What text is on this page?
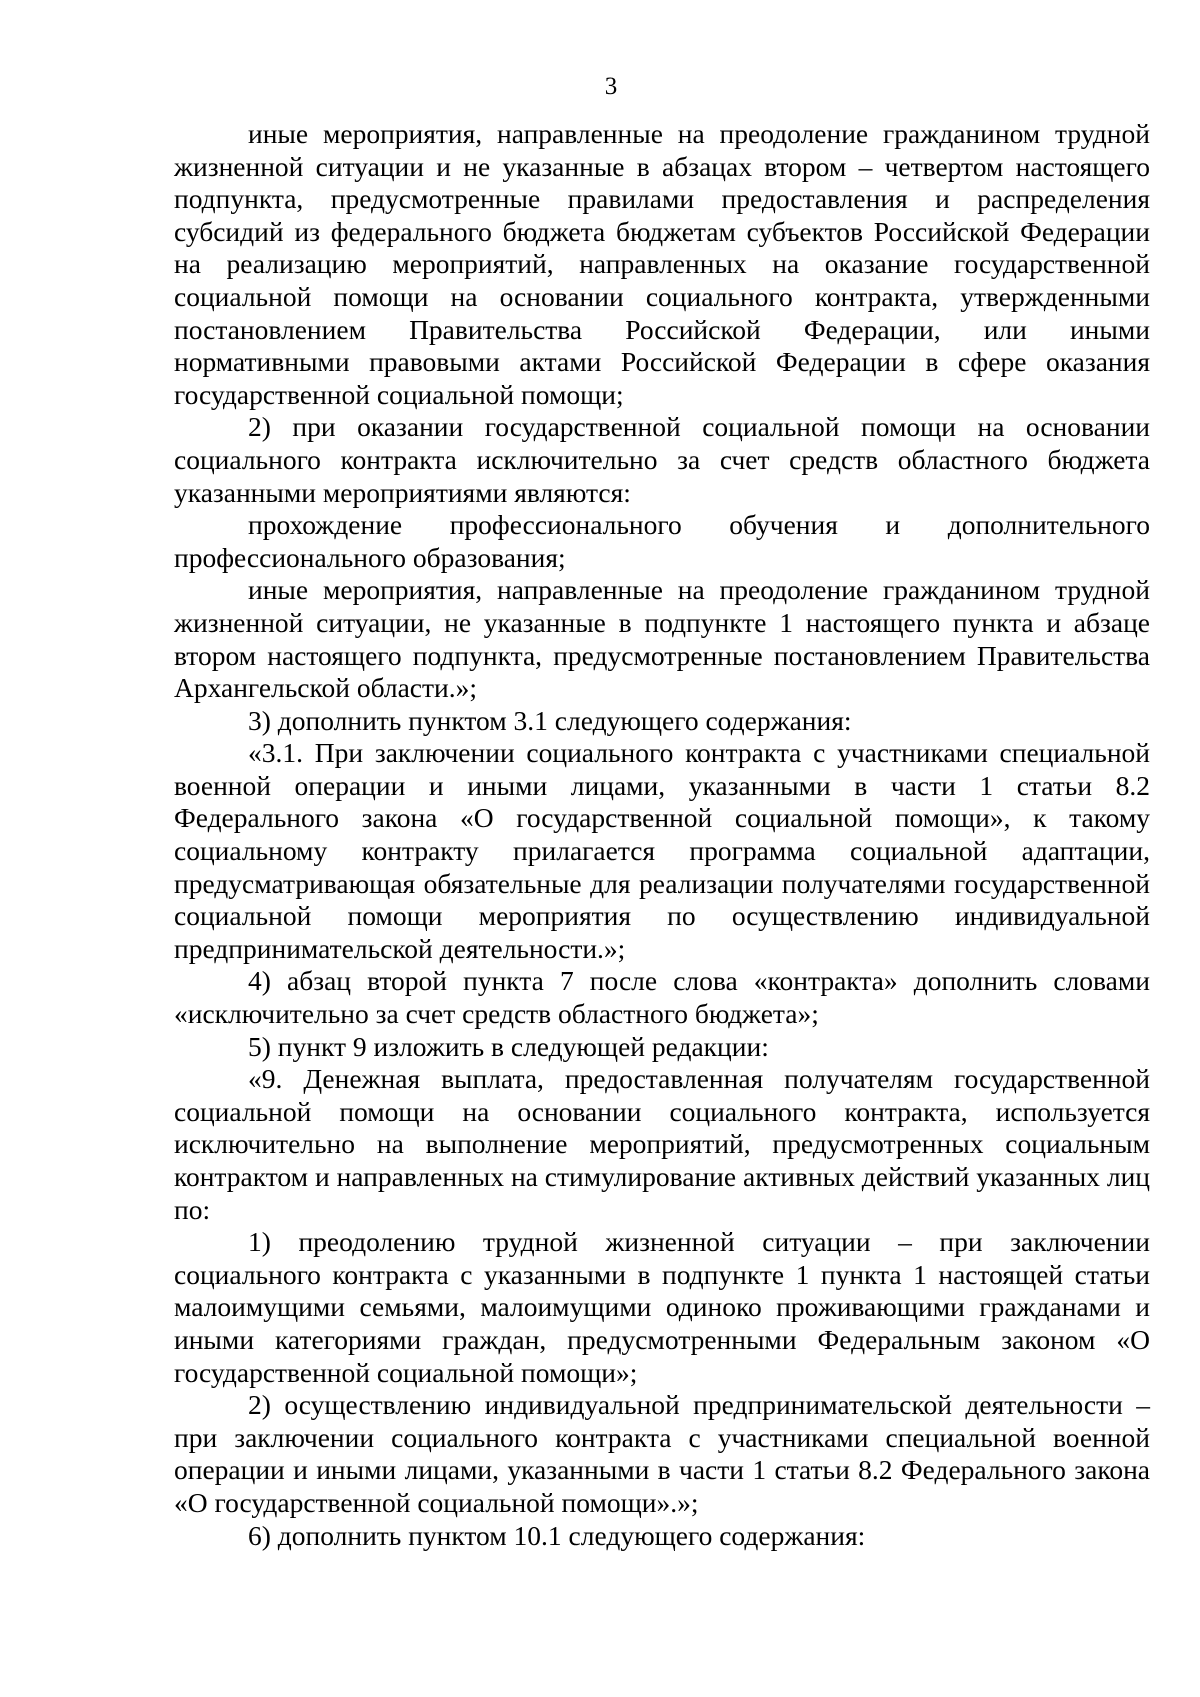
3

иные мероприятия, направленные на преодоление гражданином трудной жизненной ситуации и не указанные в абзацах втором – четвертом настоящего подпункта, предусмотренные правилами предоставления и распределения субсидий из федерального бюджета бюджетам субъектов Российской Федерации на реализацию мероприятий, направленных на оказание государственной социальной помощи на основании социального контракта, утвержденными постановлением Правительства Российской Федерации, или иными нормативными правовыми актами Российской Федерации в сфере оказания государственной социальной помощи;

2) при оказании государственной социальной помощи на основании социального контракта исключительно за счет средств областного бюджета указанными мероприятиями являются:

прохождение профессионального обучения и дополнительного профессионального образования;

иные мероприятия, направленные на преодоление гражданином трудной жизненной ситуации, не указанные в подпункте 1 настоящего пункта и абзаце втором настоящего подпункта, предусмотренные постановлением Правительства Архангельской области.»;

3) дополнить пунктом 3.1 следующего содержания:

«3.1. При заключении социального контракта с участниками специальной военной операции и иными лицами, указанными в части 1 статьи 8.2 Федерального закона «О государственной социальной помощи», к такому социальному контракту прилагается программа социальной адаптации, предусматривающая обязательные для реализации получателями государственной социальной помощи мероприятия по осуществлению индивидуальной предпринимательской деятельности.»;

4) абзац второй пункта 7 после слова «контракта» дополнить словами «исключительно за счет средств областного бюджета»;

5) пункт 9 изложить в следующей редакции:

«9. Денежная выплата, предоставленная получателям государственной социальной помощи на основании социального контракта, используется исключительно на выполнение мероприятий, предусмотренных социальным контрактом и направленных на стимулирование активных действий указанных лиц по:

1) преодолению трудной жизненной ситуации – при заключении социального контракта с указанными в подпункте 1 пункта 1 настоящей статьи малоимущими семьями, малоимущими одиноко проживающими гражданами и иными категориями граждан, предусмотренными Федеральным законом «О государственной социальной помощи»;

2) осуществлению индивидуальной предпринимательской деятельности – при заключении социального контракта с участниками специальной военной операции и иными лицами, указанными в части 1 статьи 8.2 Федерального закона «О государственной социальной помощи».»;

6) дополнить пунктом 10.1 следующего содержания:
